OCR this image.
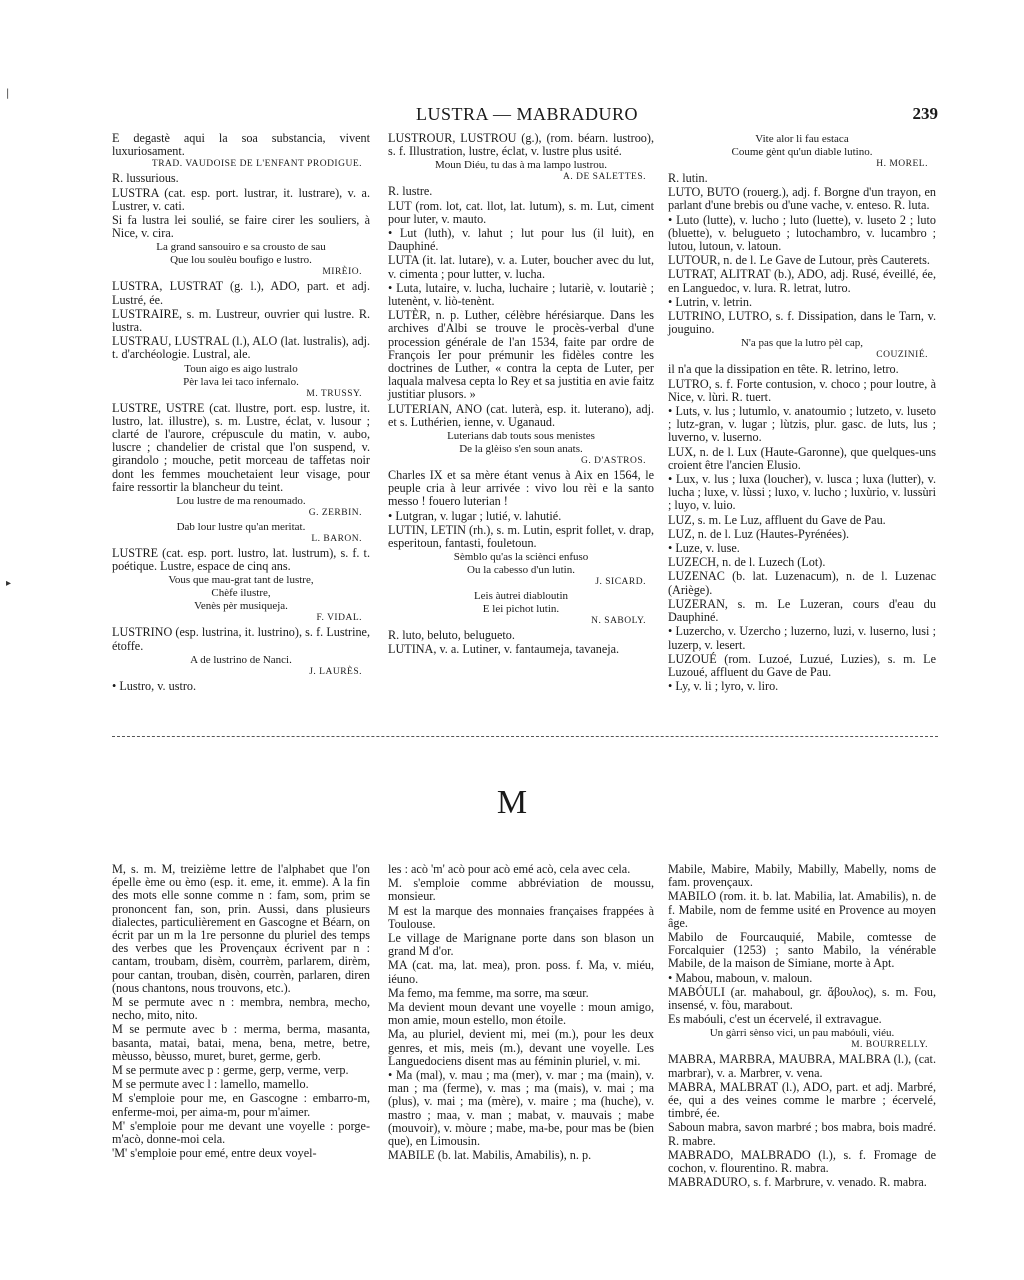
LUSTRA — MABRADURO	239
|
▸

E degastè aqui la soa substancia, vivent luxuriosament.

TRAD. VAUDOISE DE L'ENFANT PRODIGUE.

R. lussurious.

LUSTRA (cat. esp. port. lustrar, it. lustrare), v. a. Lustrer, v. cati.

Si fa lustra lei soulié, se faire cirer les souliers, à Nice, v. cira.

La grand sansouiro e sa crousto de sau

Que lou soulèu boufigo e lustro.

MIRÈIO.

LUSTRA, LUSTRAT (g. l.), ADO, part. et adj. Lustré, ée.

LUSTRAIRE, s. m. Lustreur, ouvrier qui lustre. R. lustra.

LUSTRAU, LUSTRAL (l.), ALO (lat. lustralis), adj. t. d'archéologie. Lustral, ale.

Toun aigo es aigo lustralo

Pèr lava lei taco infernalo.

M. TRUSSY.

LUSTRE, USTRE (cat. llustre, port. esp. lustre, it. lustro, lat. illustre), s. m. Lustre, éclat, v. lusour ; clarté de l'aurore, crépuscule du matin, v. aubo, luscre ; chandelier de cristal que l'on suspend, v. girandolo ; mouche, petit morceau de taffetas noir dont les femmes mouchetaient leur visage, pour faire ressortir la blancheur du teint.

Lou lustre de ma renoumado.

G. ZERBIN.

Dab lour lustre qu'an meritat.

L. BARON.

LUSTRE (cat. esp. port. lustro, lat. lustrum), s. f. t. poétique. Lustre, espace de cinq ans.

Vous que mau-grat tant de lustre,

Chèfe ilustre,

Venès pèr musiqueja.

F. VIDAL.

LUSTRINO (esp. lustrina, it. lustrino), s. f. Lustrine, étoffe.

A de lustrino de Nanci.

J. LAURÈS.

• Lustro, v. ustro.

LUSTROUR, LUSTROU (g.), (rom. béarn. lustroo), s. f. Illustration, lustre, éclat, v. lustre plus usité.

Moun Diéu, tu das à ma lampo lustrou.

A. DE SALETTES.

R. lustre.

LUT (rom. lot, cat. llot, lat. lutum), s. m. Lut, ciment pour luter, v. mauto.

• Lut (luth), v. lahut ; lut pour lus (il luit), en Dauphiné.

LUTA (it. lat. lutare), v. a. Luter, boucher avec du lut, v. cimenta ; pour lutter, v. lucha.

• Luta, lutaire, v. lucha, luchaire ; lutariè, v. loutariè ; lutenènt, v. liò-tenènt.

LUTÈR, n. p. Luther, célèbre hérésiarque. Dans les archives d'Albi se trouve le procès-verbal d'une procession générale de l'an 1534, faite par ordre de François Ier pour prémunir les fidèles contre les doctrines de Luther, « contra la cepta de Luter, per laquala malvesa cepta lo Rey et sa justitia en avie faitz justitiar plusors. »

LUTERIAN, ANO (cat. luterà, esp. it. luterano), adj. et s. Luthérien, ienne, v. Uganaud.

Luterians dab touts sous menistes

De la glèiso s'en soun anats.

G. D'ASTROS.

Charles IX et sa mère étant venus à Aix en 1564, le peuple cria à leur arrivée : vivo lou rèi e la santo messo ! fouero luterian !

• Lutgran, v. lugar ; lutié, v. lahutié.

LUTIN, LETIN (rh.), s. m. Lutin, esprit follet, v. drap, esperitoun, fantasti, fouletoun.

Sèmblo qu'as la sciènci enfuso

Ou la cabesso d'un lutin.

J. SICARD.

Leis àutrei diabloutin

E lei pichot lutin.

N. SABOLY.

R. luto, beluto, belugueto.

LUTINA, v. a. Lutiner, v. fantaumeja, tavaneja.

Vite alor li fau estaca

Coume gènt qu'un diable lutino.

H. MOREL.

R. lutin.

LUTO, BUTO (rouerg.), adj. f. Borgne d'un trayon, en parlant d'une brebis ou d'une vache, v. enteso. R. luta.

• Luto (lutte), v. lucho ; luto (luette), v. luseto 2 ; luto (bluette), v. belugueto ; lutochambro, v. lucambro ; lutou, lutoun, v. latoun.

LUTOUR, n. de l. Le Gave de Lutour, près Cauterets.

LUTRAT, ALITRAT (b.), ADO, adj. Rusé, éveillé, ée, en Languedoc, v. lura. R. letrat, lutro.

• Lutrin, v. letrin.

LUTRINO, LUTRO, s. f. Dissipation, dans le Tarn, v. jouguino.

N'a pas que la lutro pèl cap,

COUZINIÉ.

il n'a que la dissipation en tête. R. letrino, letro.

LUTRO, s. f. Forte contusion, v. choco ; pour loutre, à Nice, v. lùri. R. tuert.

• Luts, v. lus ; lutumlo, v. anatoumio ; lutzeto, v. luseto ; lutz-gran, v. lugar ; lùtzis, plur. gasc. de luts, lus ; luverno, v. luserno.

LUX, n. de l. Lux (Haute-Garonne), que quelques-uns croient être l'ancien Elusio.

• Lux, v. lus ; luxa (loucher), v. lusca ; luxa (lutter), v. lucha ; luxe, v. lùssi ; luxo, v. lucho ; luxùrio, v. lussùri ; luyo, v. luio.

LUZ, s. m. Le Luz, affluent du Gave de Pau.

LUZ, n. de l. Luz (Hautes-Pyrénées).

• Luze, v. luse.

LUZECH, n. de l. Luzech (Lot).

LUZENAC (b. lat. Luzenacum), n. de l. Luzenac (Ariège).

LUZERAN, s. m. Le Luzeran, cours d'eau du Dauphiné.

• Luzercho, v. Uzercho ; luzerno, luzi, v. luserno, lusi ; luzerp, v. lesert.

LUZOUÉ (rom. Luzoé, Luzué, Luzies), s. m. Le Luzoué, affluent du Gave de Pau.

• Ly, v. li ; lyro, v. liro.

M

M, s. m. M, treizième lettre de l'alphabet que l'on épelle ème ou èmo (esp. it. eme, it. emme). A la fin des mots elle sonne comme n : fam, som, prim se prononcent fan, son, prin. Aussi, dans plusieurs dialectes, particulièrement en Gascogne et Béarn, on écrit par un m la 1re personne du pluriel des temps des verbes que les Provençaux écrivent par n : cantam, troubam, disèm, courrèm, parlarem, dirèm, pour cantan, trouban, disèn, courrèn, parlaren, diren (nous chantons, nous trouvons, etc.).

M se permute avec n : membra, nembra, mecho, necho, mito, nito.

M se permute avec b : merma, berma, masanta, basanta, matai, batai, mena, bena, metre, betre, mèusso, bèusso, muret, buret, germe, gerb.

M se permute avec p : germe, gerp, verme, verp.

M se permute avec l : lamello, mamello.

M s'emploie pour me, en Gascogne : embarro-m, enferme-moi, per aima-m, pour m'aimer.

M' s'emploie pour me devant une voyelle : porge-m'acò, donne-moi cela.

'M' s'emploie pour emé, entre deux voyel-

les : acò 'm' acò pour acò emé acò, cela avec cela.

M. s'emploie comme abbréviation de moussu, monsieur.

M est la marque des monnaies françaises frappées à Toulouse.

Le village de Marignane porte dans son blason un grand M d'or.

MA (cat. ma, lat. mea), pron. poss. f. Ma, v. miéu, iéuno.

Ma femo, ma femme, ma sorre, ma sœur.

Ma devient moun devant une voyelle : moun amigo, mon amie, moun estello, mon étoile.

Ma, au pluriel, devient mi, mei (m.), pour les deux genres, et mis, meis (m.), devant une voyelle. Les Languedociens disent mas au féminin pluriel, v. mi.

• Ma (mal), v. mau ; ma (mer), v. mar ; ma (main), v. man ; ma (ferme), v. mas ; ma (mais), v. mai ; ma (plus), v. mai ; ma (mère), v. maire ; ma (huche), v. mastro ; maa, v. man ; mabat, v. mauvais ; mabe (mouvoir), v. mòure ; mabe, ma-be, pour mas be (bien que), en Limousin.

MABILE (b. lat. Mabilis, Amabilis), n. p.

Mabile, Mabire, Mabily, Mabilly, Mabelly, noms de fam. provençaux.

MABILO (rom. it. b. lat. Mabilia, lat. Amabilis), n. de f. Mabile, nom de femme usité en Provence au moyen âge.

Mabilo de Fourcauquié, Mabile, comtesse de Forcalquier (1253) ; santo Mabilo, la vénérable Mabile, de la maison de Simiane, morte à Apt.

• Mabou, maboun, v. maloun.

MABÓULI (ar. mahaboul, gr. ἄβουλος), s. m. Fou, insensé, v. fòu, marabout.

Es mabóuli, c'est un écervelé, il extravague.

Un gàrri sènso vici, un pau mabóuli, viéu.

M. BOURRELLY.

MABRA, MARBRA, MAUBRA, MALBRA (l.), (cat. marbrar), v. a. Marbrer, v. vena.

MABRA, MALBRAT (l.), ADO, part. et adj. Marbré, ée, qui a des veines comme le marbre ; écervelé, timbré, ée.

Saboun mabra, savon marbré ; bos mabra, bois madré. R. mabre.

MABRADO, MALBRADO (l.), s. f. Fromage de cochon, v. flourentino. R. mabra.

MABRADURO, s. f. Marbrure, v. venado. R. mabra.
